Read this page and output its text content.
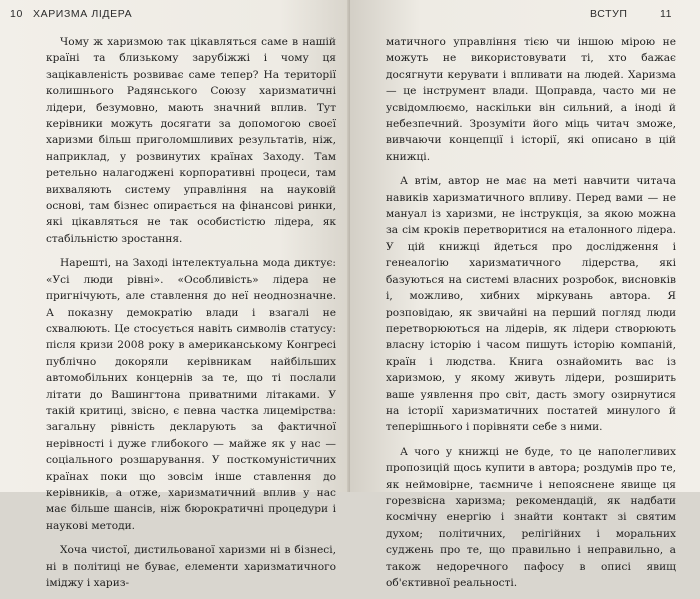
10 ХАРИЗМА ЛІДЕРА

Чому ж харизмою так цікавляться саме в нашій країні та близькому зарубіжжі і чому ця зацікавленість розвиває саме тепер? На території колишнього Радянського Союзу харизматичні лідери, безумовно, мають значний вплив. Тут керівники можуть досягати за допомогою своєї харизми більш приголомшливих результатів, ніж, наприклад, у розвинутих країнах Заходу. Там ретельно налагоджені корпоративні процеси, там вихваляють систему управління на науковій основі, там бізнес опирається на фінансові ринки, які цікавляться не так особистістю лідера, як стабільністю зростання.

Нарешті, на Заході інтелектуальна мода диктує: «Усі люди рівні». «Особливість» лідера не пригнічують, але ставлення до неї неоднозначне. А показну демократію влади і взагалі не схвалюють. Це стосується навіть символів статусу: після кризи 2008 року в американському Конгресі публічно докоряли керівникам найбільших автомобільних концернів за те, що ті послали літати до Вашингтона приватними літаками. У такій критиці, звісно, є певна частка лицемірства: загальну рівність декларують за фактичної нерівності і дуже глибокого — майже як у нас — соціального розшарування. У посткомуністичних країнах поки що зовсім інше ставлення до керівників, а отже, харизматичний вплив у нас має більше шансів, ніж бюрократичні процедури і наукові методи.

Хоча чистої, дистильованої харизми ні в бізнесі, ні в політиці не буває, елементи харизматичного іміджу і хариз-

ВСТУП	11

матичного управління тією чи іншою мірою не можуть не використовувати ті, хто бажає досягнути керувати і впливати на людей. Харизма — це інструмент влади. Щоправда, часто ми не усвідомлюємо, наскільки він сильний, а іноді й небезпечний. Зрозуміти його міць читач зможе, вивчаючи концепції і історії, які описано в цій книжці.

А втім, автор не має на меті навчити читача навиків харизматичного впливу. Перед вами — не мануал із харизми, не інструкція, за якою можна за сім кроків перетворитися на еталонного лідера. У цій книжці йдеться про дослідження і генеалогію харизматичного лідерства, які базуються на системі власних розробок, висновків і, можливо, хибних міркувань автора. Я розповідаю, як звичайні на перший погляд люди перетворюються на лідерів, як лідери створюють власну історію і часом пишуть історію компаній, країн і людства. Книга ознайомить вас із харизмою, у якому живуть лідери, розширить ваше уявлення про світ, дасть змогу озирнутися на історії харизматичних постатей минулого й теперішнього і порівняти себе з ними.

А чого у книжці не буде, то це наполегливих пропозицій щось купити в автора; роздумів про те, як неймовірне, таємниче і непояснене явище ця горезвісна харизма; рекомендацій, як надбати космічну енергію і знайти контакт зі святим духом; політичних, релігійних і моральних суджень про те, що правильно і неправильно, а також недоречного пафосу в описі явищ об'єктивної реальності.
